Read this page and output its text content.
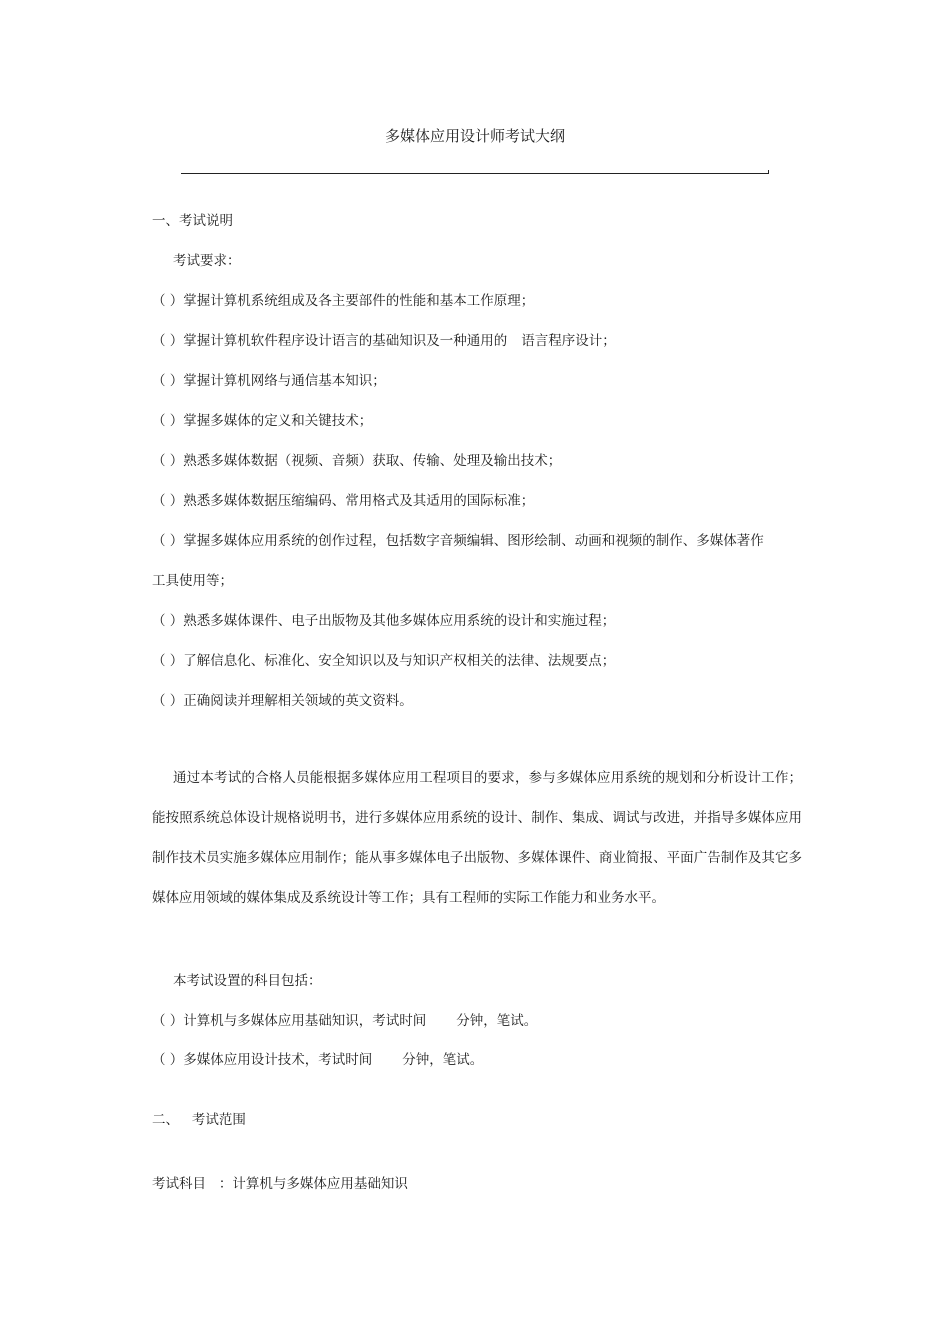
多媒体应用设计师考试大纲
一、考试说明
考试要求：
（ ）掌握计算机系统组成及各主要部件的性能和基本工作原理；
（ ）掌握计算机软件程序设计语言的基础知识及一种通用的 语言程序设计；
（ ）掌握计算机网络与通信基本知识；
（ ）掌握多媒体的定义和关键技术；
（ ）熟悉多媒体数据（视频、音频）获取、传输、处理及输出技术；
（ ）熟悉多媒体数据压缩编码、常用格式及其适用的国际标准；
（ ）掌握多媒体应用系统的创作过程，包括数字音频编辑、图形绘制、动画和视频的制作、多媒体著作
工具使用等；
（ ）熟悉多媒体课件、电子出版物及其他多媒体应用系统的设计和实施过程；
（ ）了解信息化、标准化、安全知识以及与知识产权相关的法律、法规要点；
（ ）正确阅读并理解相关领域的英文资料。
通过本考试的合格人员能根据多媒体应用工程项目的要求，参与多媒体应用系统的规划和分析设计工作；能按照系统总体设计规格说明书，进行多媒体应用系统的设计、制作、集成、调试与改进，并指导多媒体应用制作技术员实施多媒体应用制作；能从事多媒体电子出版物、多媒体课件、商业简报、平面广告制作及其它多媒体应用领域的媒体集成及系统设计等工作；具有工程师的实际工作能力和业务水平。
本考试设置的科目包括：
（ ）计算机与多媒体应用基础知识，考试时间 分钟，笔试。
（ ）多媒体应用设计技术，考试时间 分钟，笔试。
二、   考试范围
考试科目   ：计算机与多媒体应用基础知识
